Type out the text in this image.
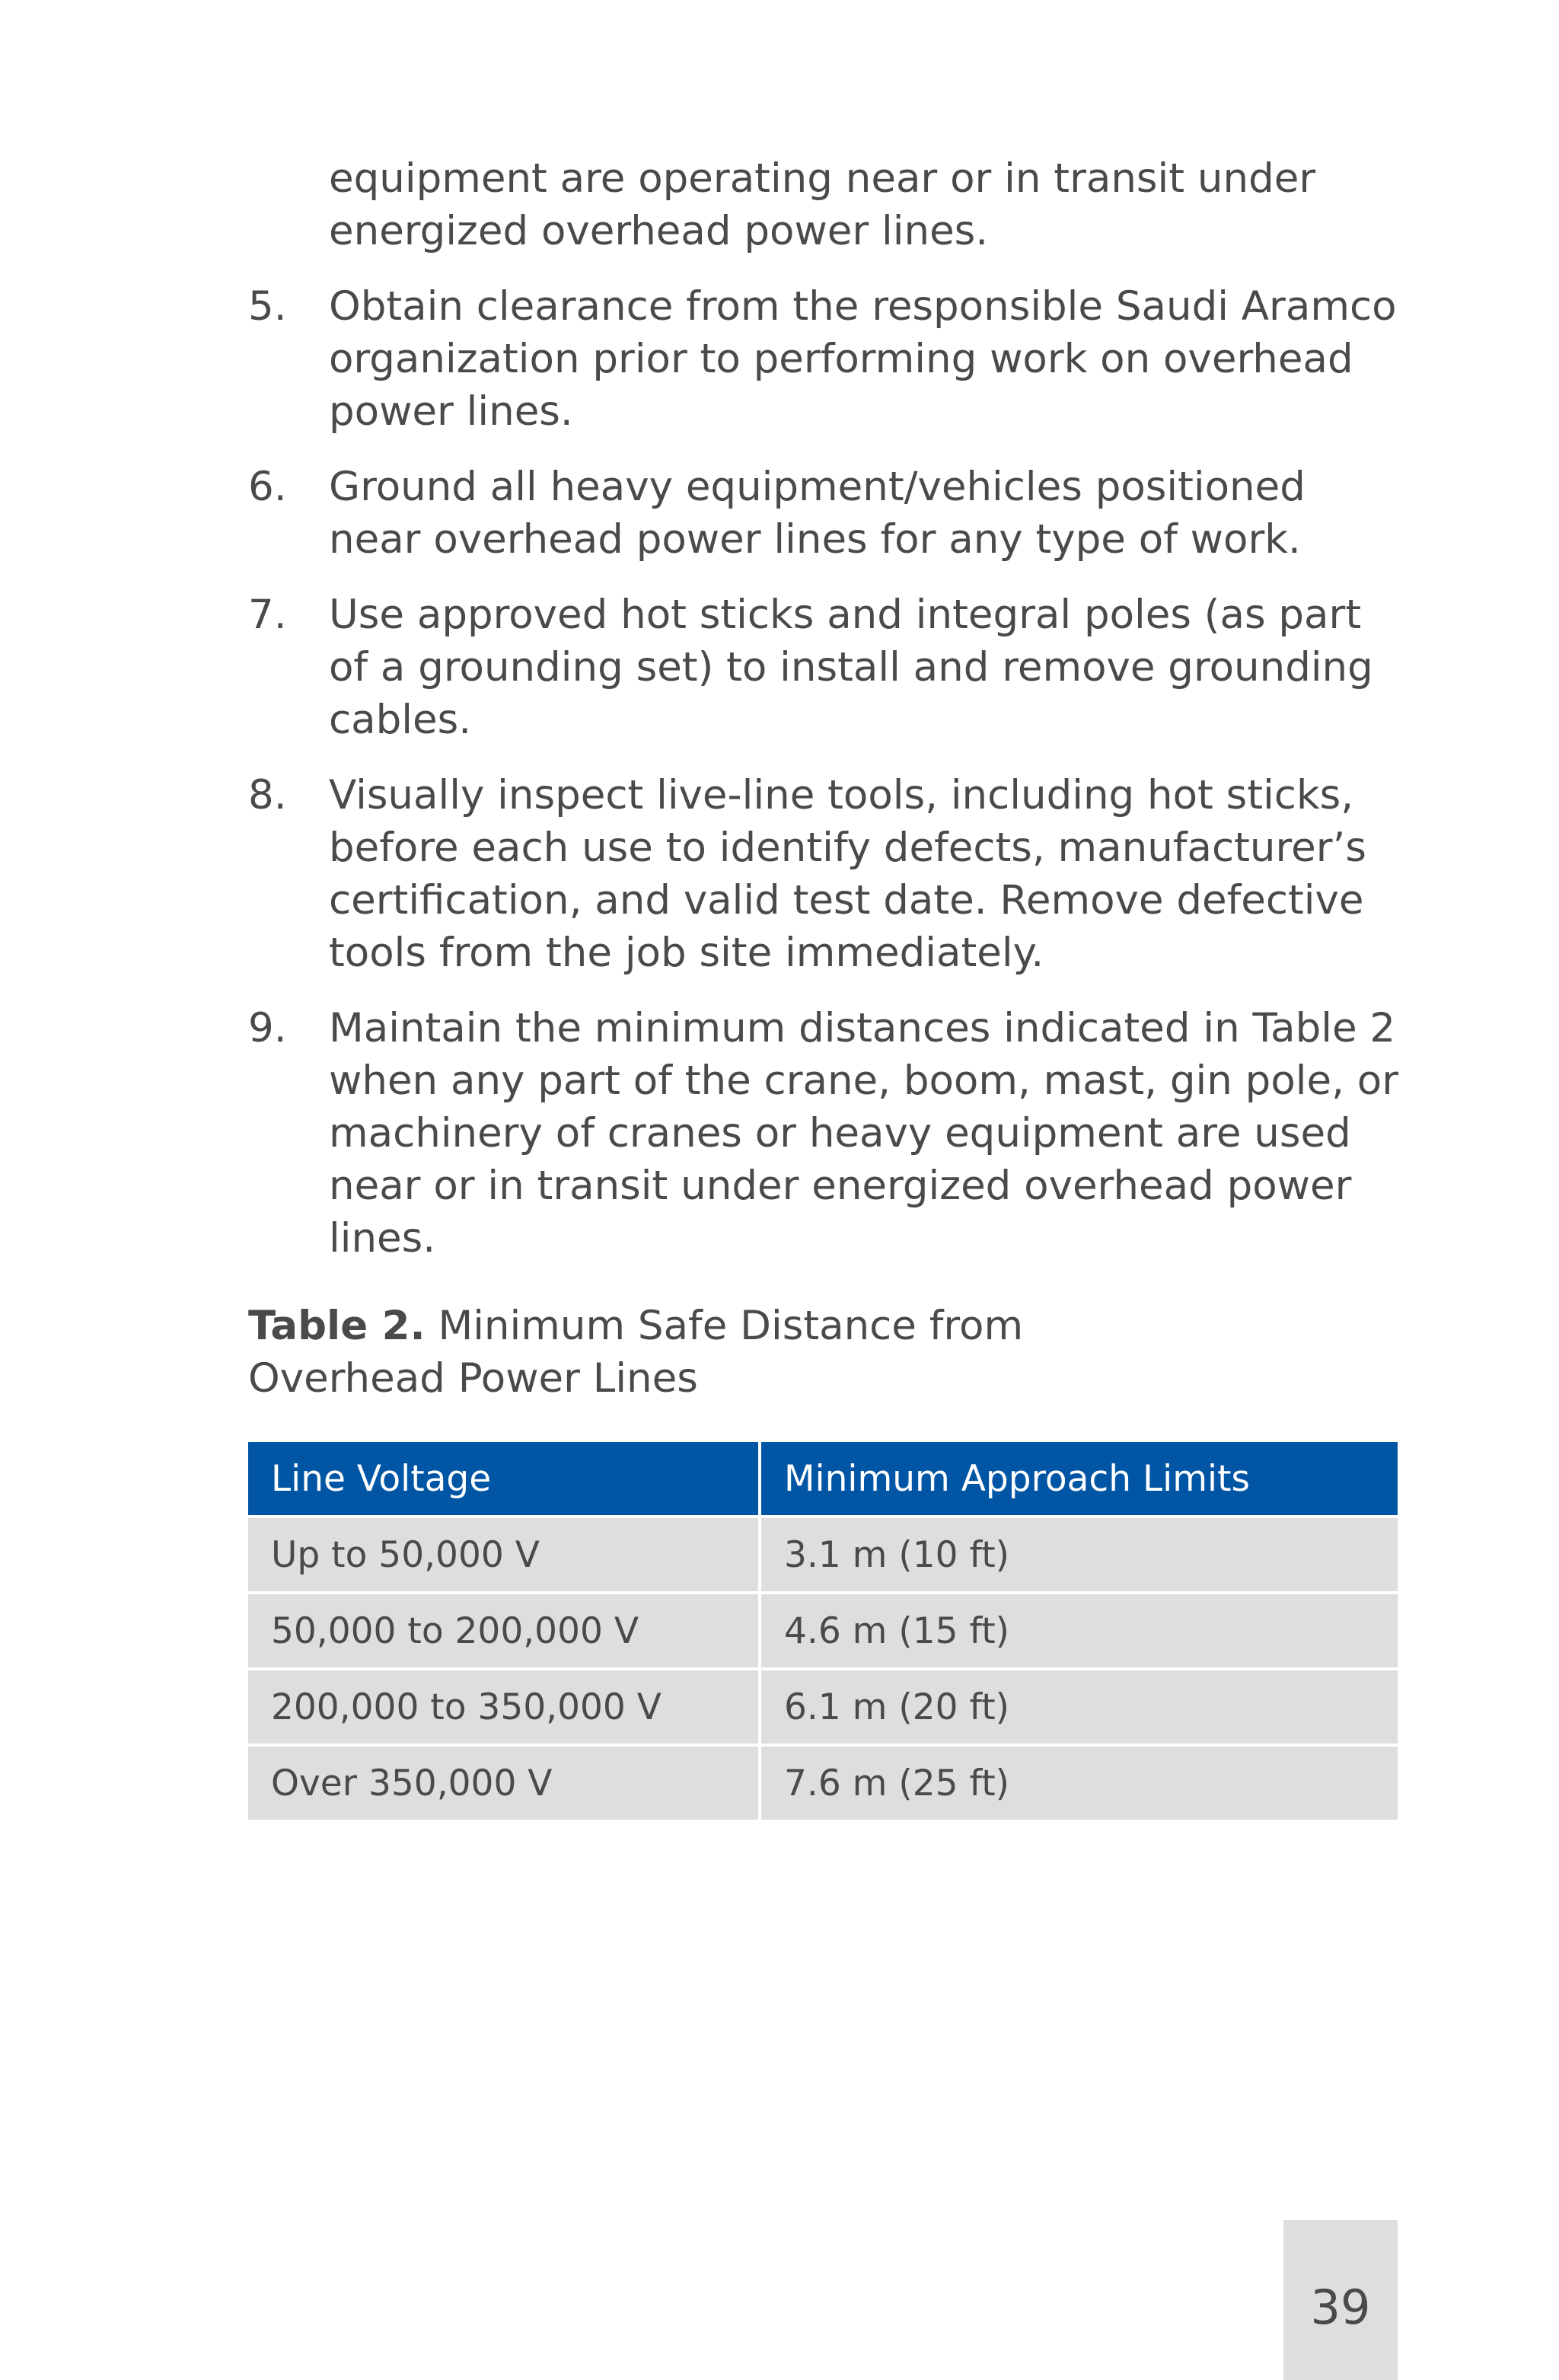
equipment are operating near or in transit under energized overhead power lines.

5. Obtain clearance from the responsible Saudi Aramco organization prior to performing work on overhead power lines.
6. Ground all heavy equipment/vehicles positioned near overhead power lines for any type of work.
7. Use approved hot sticks and integral poles (as part of a grounding set) to install and remove grounding cables.
8. Visually inspect live-line tools, including hot sticks, before each use to identify defects, manufacturer’s certification, and valid test date. Remove defective tools from the job site immediately.
9. Maintain the minimum distances indicated in Table 2 when any part of the crane, boom, mast, gin pole, or machinery of cranes or heavy equipment are used near or in transit under energized overhead power lines.

Table 2. Minimum Safe Distance from Overhead Power Lines

Line Voltage	Minimum Approach Limits
Up to 50,000 V	3.1 m (10 ft)
50,000 to 200,000 V	4.6 m (15 ft)
200,000 to 350,000 V	6.1 m (20 ft)
Over 350,000 V	7.6 m (25 ft)
39
